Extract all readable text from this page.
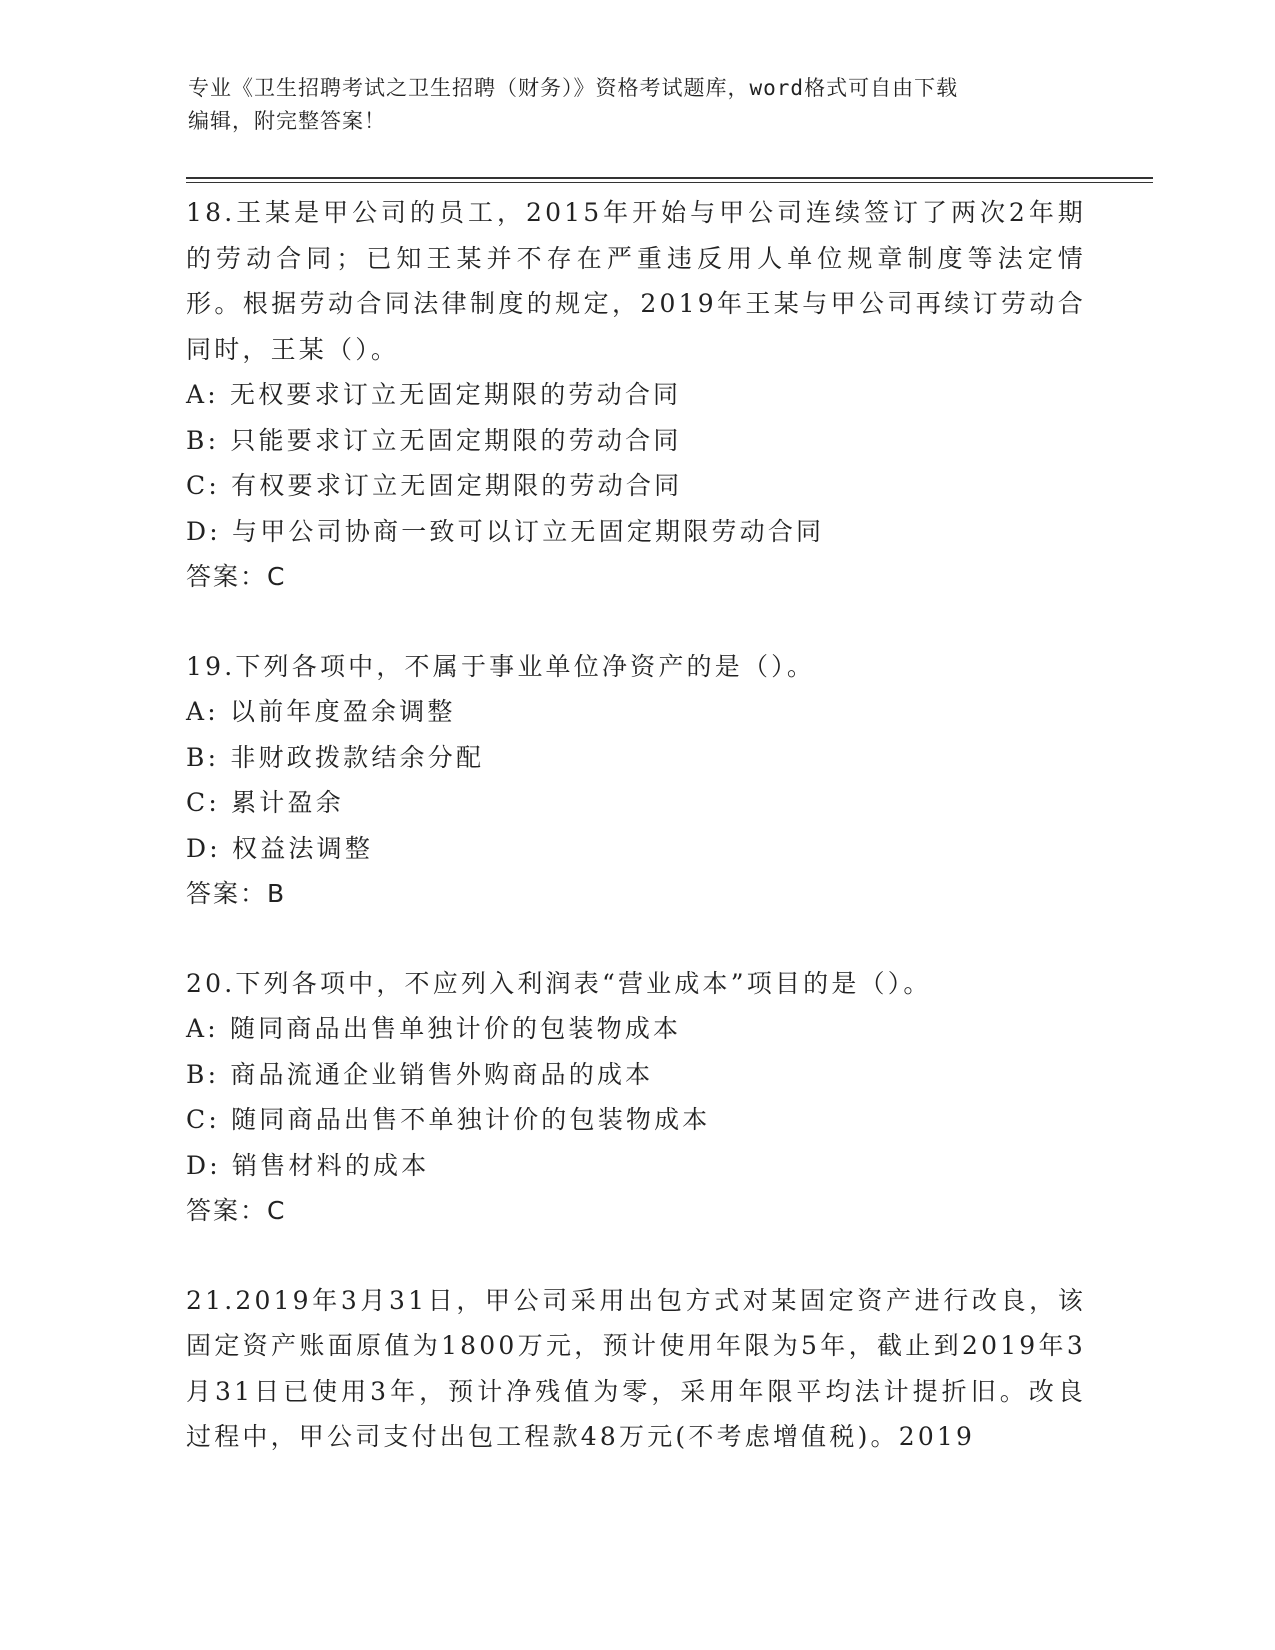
专业《卫生招聘考试之卫生招聘（财务）》资格考试题库，word格式可自由下载
编辑，附完整答案！
18.王某是甲公司的员工，2015年开始与甲公司连续签订了两次2年期的劳动合同；已知王某并不存在严重违反用人单位规章制度等法定情形。根据劳动合同法律制度的规定，2019年王某与甲公司再续订劳动合同时，王某（）。
A: 无权要求订立无固定期限的劳动合同
B: 只能要求订立无固定期限的劳动合同
C: 有权要求订立无固定期限的劳动合同
D: 与甲公司协商一致可以订立无固定期限劳动合同
答案：C
19.下列各项中，不属于事业单位净资产的是（）。
A: 以前年度盈余调整
B: 非财政拨款结余分配
C: 累计盈余
D: 权益法调整
答案：B
20.下列各项中，不应列入利润表“营业成本”项目的是（）。
A: 随同商品出售单独计价的包装物成本
B: 商品流通企业销售外购商品的成本
C: 随同商品出售不单独计价的包装物成本
D: 销售材料的成本
答案：C
21.2019年3月31日，甲公司采用出包方式对某固定资产进行改良，该固定资产账面原值为1800万元，预计使用年限为5年，截止到2019年3月31日已使用3年，预计净残值为零，采用年限平均法计提折旧。改良过程中，甲公司支付出包工程款48万元(不考虑增值税)。2019
